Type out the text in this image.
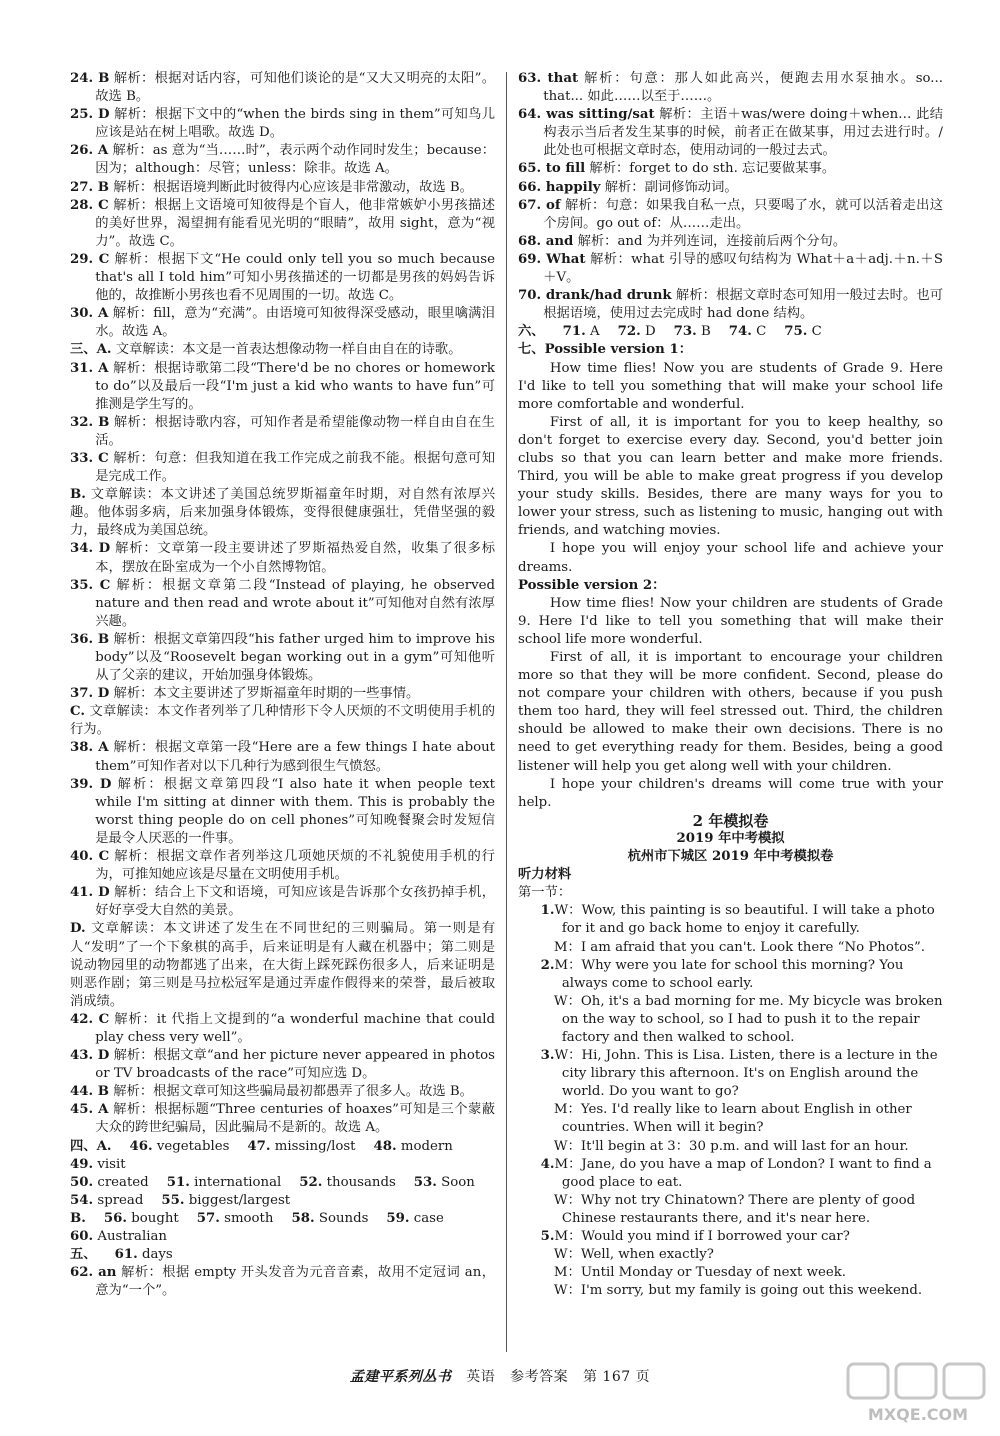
24. B 解析：根据对话内容，可知他们谈论的是“又大又明亮的太阳”。故选 B。

25. D 解析：根据下文中的“when the birds sing in them”可知鸟儿应该是站在树上唱歌。故选 D。

26. A 解析：as 意为“当……时”，表示两个动作同时发生；because：因为；although：尽管；unless：除非。故选 A。

27. B 解析：根据语境判断此时彼得内心应该是非常激动，故选 B。

28. C 解析：根据上文语境可知彼得是个盲人，他非常嫉妒小男孩描述的美好世界，渴望拥有能看见光明的“眼睛”，故用 sight，意为“视力”。故选 C。

29. C 解析：根据下文“He could only tell you so much because that's all I told him”可知小男孩描述的一切都是男孩的妈妈告诉他的，故推断小男孩也看不见周围的一切。故选 C。

30. A 解析：fill，意为“充满”。由语境可知彼得深受感动，眼里噙满泪水。故选 A。

三、A. 文章解读：本文是一首表达想像动物一样自由自在的诗歌。

31. A 解析：根据诗歌第二段“There'd be no chores or homework to do”以及最后一段“I'm just a kid who wants to have fun”可推测是学生写的。

32. B 解析：根据诗歌内容，可知作者是希望能像动物一样自由自在生活。

33. C 解析：句意：但我知道在我工作完成之前我不能。根据句意可知是完成工作。

B. 文章解读：本文讲述了美国总统罗斯福童年时期，对自然有浓厚兴趣。他体弱多病，后来加强身体锻炼，变得很健康强壮，凭借坚强的毅力，最终成为美国总统。

34. D 解析：文章第一段主要讲述了罗斯福热爱自然，收集了很多标本，摆放在卧室成为一个小自然博物馆。

35. C 解析：根据文章第二段“Instead of playing, he observed nature and then read and wrote about it”可知他对自然有浓厚兴趣。

36. B 解析：根据文章第四段“his father urged him to improve his body”以及“Roosevelt began working out in a gym”可知他听从了父亲的建议，开始加强身体锻炼。

37. D 解析：本文主要讲述了罗斯福童年时期的一些事情。

C. 文章解读：本文作者列举了几种情形下令人厌烦的不文明使用手机的行为。

38. A 解析：根据文章第一段“Here are a few things I hate about them”可知作者对以下几种行为感到很生气愤怒。

39. D 解析：根据文章第四段“I also hate it when people text while I'm sitting at dinner with them. This is probably the worst thing people do on cell phones”可知晚餐聚会时发短信是最令人厌恶的一件事。

40. C 解析：根据文章作者列举这几项她厌烦的不礼貌使用手机的行为，可推知她应该是尽量在文明使用手机。

41. D 解析：结合上下文和语境，可知应该是告诉那个女孩扔掉手机，好好享受大自然的美景。

D. 文章解读：本文讲述了发生在不同世纪的三则骗局。第一则是有人“发明”了一个下象棋的高手，后来证明是有人藏在机器中；第二则是说动物园里的动物都逃了出来，在大街上踩死踩伤很多人，后来证明是则恶作剧；第三则是马拉松冠军是通过弄虚作假得来的荣誉，最后被取消成绩。

42. C 解析：it 代指上文提到的“a wonderful machine that could play chess very well”。

43. D 解析：根据文章“and her picture never appeared in photos or TV broadcasts of the race”可知应选 D。

44. B 解析：根据文章可知这些骗局最初都愚弄了很多人。故选 B。

45. A 解析：根据标题“Three centuries of hoaxes”可知是三个蒙蔽大众的跨世纪骗局，因此骗局不是新的。故选 A。

四、A. 46. vegetables 47. missing/lost 48. modern
49. visit

50. created 51. international 52. thousands 53. Soon

54. spread 55. biggest/largest

B. 56. bought 57. smooth 58. Sounds 59. case
60. Australian

五、 61. days

62. an 解析：根据 empty 开头发音为元音音素，故用不定冠词 an，意为“一个”。

63. that 解析：句意：那人如此高兴，便跑去用水泵抽水。so... that... 如此……以至于……。

64. was sitting/sat 解析：主语＋was/were doing＋when… 此结构表示当后者发生某事的时候，前者正在做某事，用过去进行时。/此处也可根据文章时态，使用动词的一般过去式。

65. to fill 解析：forget to do sth. 忘记要做某事。

66. happily 解析：副词修饰动词。

67. of 解析：句意：如果我自私一点，只要喝了水，就可以活着走出这个房间。go out of：从……走出。

68. and 解析：and 为并列连词，连接前后两个分句。

69. What 解析：what 引导的感叹句结构为 What＋a＋adj.＋n.＋S＋V。

70. drank/had drunk 解析：根据文章时态可知用一般过去时。也可根据语境，使用过去完成时 had done 结构。

六、 71. A 72. D 73. B 74. C 75. C

七、Possible version 1：

How time flies! Now you are students of Grade 9. Here I'd like to tell you something that will make your school life more comfortable and wonderful.

First of all, it is important for you to keep healthy, so don't forget to exercise every day. Second, you'd better join clubs so that you can learn better and make more friends. Third, you will be able to make great progress if you develop your study skills. Besides, there are many ways for you to lower your stress, such as listening to music, hanging out with friends, and watching movies.

I hope you will enjoy your school life and achieve your dreams.

Possible version 2：

How time flies! Now your children are students of Grade 9. Here I'd like to tell you something that will make their school life more wonderful.

First of all, it is important to encourage your children more so that they will be more confident. Second, please do not compare your children with others, because if you push them too hard, they will feel stressed out. Third, the children should be allowed to make their own decisions. There is no need to get everything ready for them. Besides, being a good listener will help you get along well with your children.

I hope your children's dreams will come true with your help.

2 年模拟卷

2019 年中考模拟

杭州市下城区 2019 年中考模拟卷

听力材料

第一节：

1.W：Wow, this painting is so beautiful. I will take a photo for it and go back home to enjoy it carefully.

 M：I am afraid that you can't. Look there “No Photos”.

2.M：Why were you late for school this morning? You always come to school early.

 W：Oh, it's a bad morning for me. My bicycle was broken on the way to school, so I had to push it to the repair factory and then walked to school.

3.W：Hi, John. This is Lisa. Listen, there is a lecture in the city library this afternoon. It's on English around the world. Do you want to go?

 M：Yes. I'd really like to learn about English in other countries. When will it begin?

 W：It'll begin at 3：30 p.m. and will last for an hour.

4.M：Jane, do you have a map of London? I want to find a good place to eat.

 W：Why not try Chinatown? There are plenty of good Chinese restaurants there, and it's near here.

5.M：Would you mind if I borrowed your car?

 W：Well, when exactly?

 M：Until Monday or Tuesday of next week.

 W：I'm sorry, but my family is going out this weekend.

孟建平系列丛书 英语 参考答案 第 167 页
MXQE.COM
